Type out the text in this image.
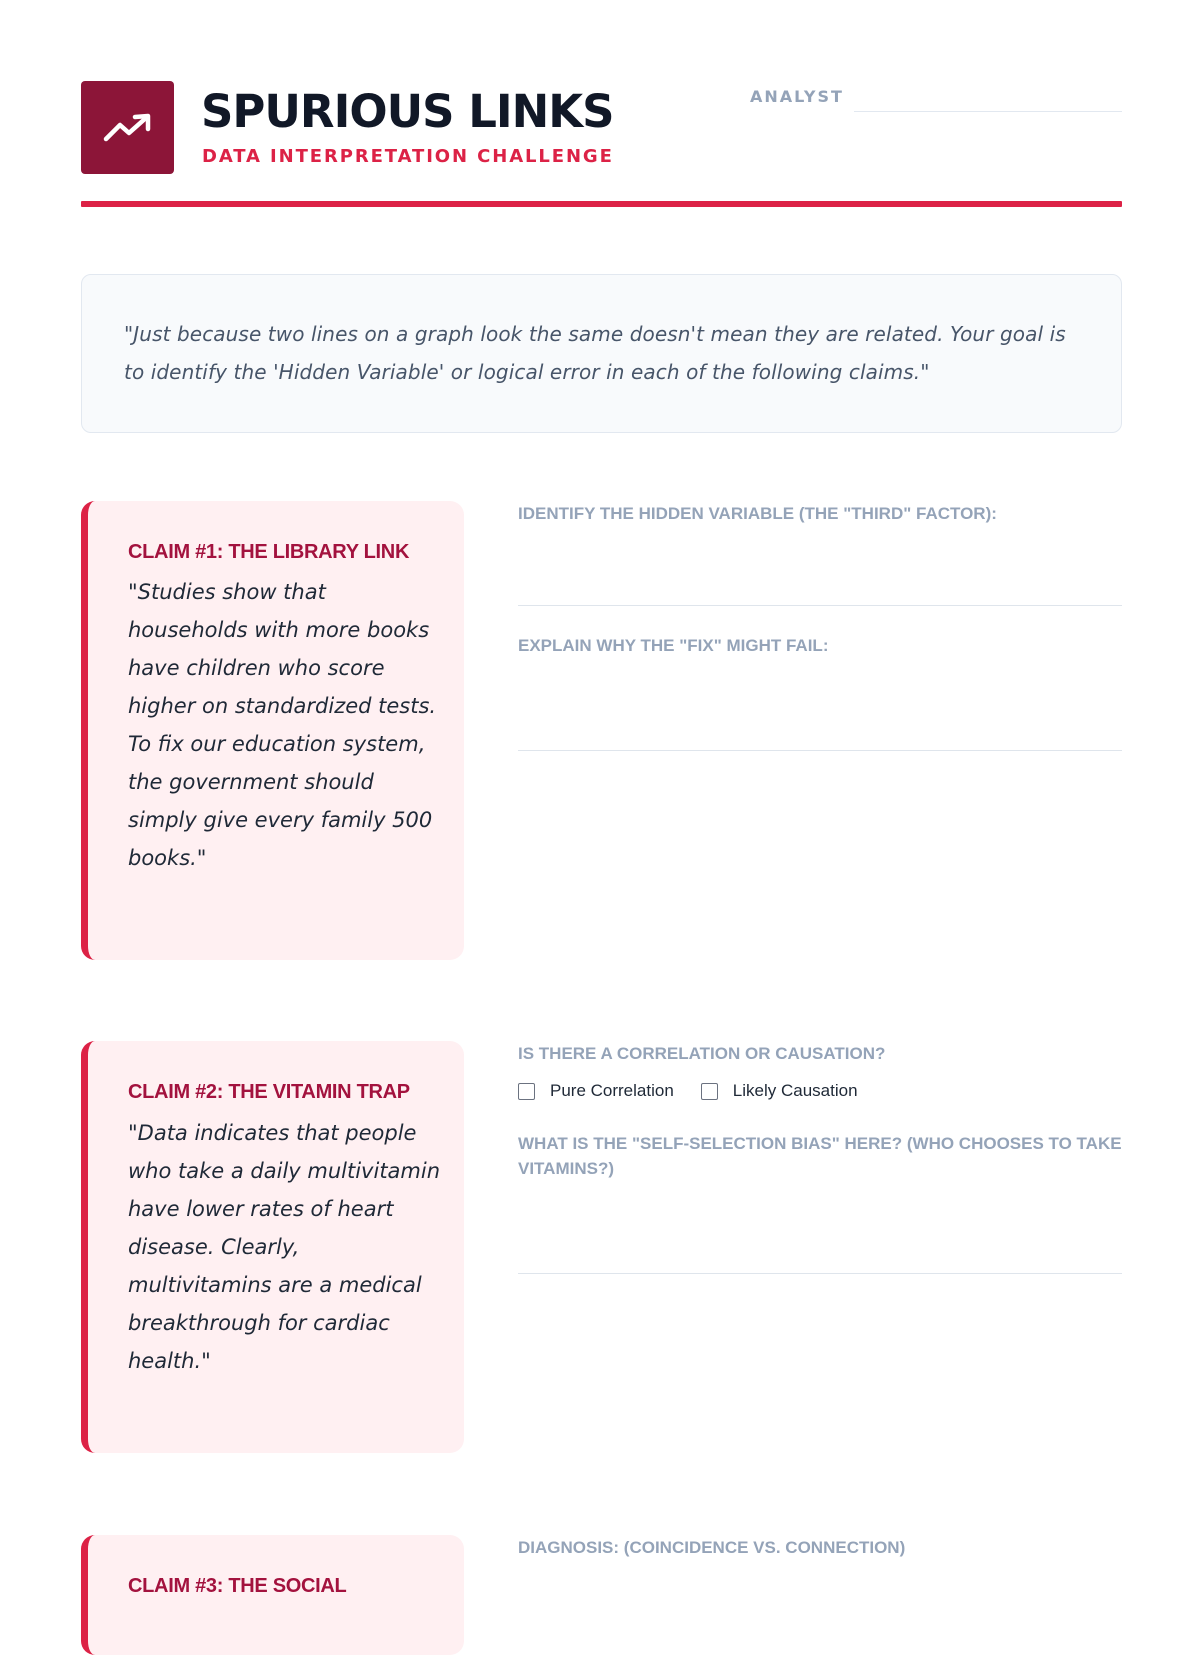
SPURIOUS LINKS
DATA INTERPRETATION CHALLENGE
ANALYST

"Just because two lines on a graph look the same doesn't mean they are related. Your goal is to identify the 'Hidden Variable' or logical error in each of the following claims."

CLAIM #1: THE LIBRARY LINK

"Studies show that households with more books have children who score higher on standardized tests. To fix our education system, the government should simply give every family 500 books."

IDENTIFY THE HIDDEN VARIABLE (THE "THIRD" FACTOR):
EXPLAIN WHY THE "FIX" MIGHT FAIL:
CLAIM #2: THE VITAMIN TRAP

"Data indicates that people who take a daily multivitamin have lower rates of heart disease. Clearly, multivitamins are a medical breakthrough for cardiac health."

IS THERE A CORRELATION OR CAUSATION?
Pure Correlation	Likely Causation
WHAT IS THE "SELF-SELECTION BIAS" HERE? (WHO CHOOSES TO TAKE VITAMINS?)
CLAIM #3: THE SOCIAL
DIAGNOSIS: (COINCIDENCE VS. CONNECTION)
